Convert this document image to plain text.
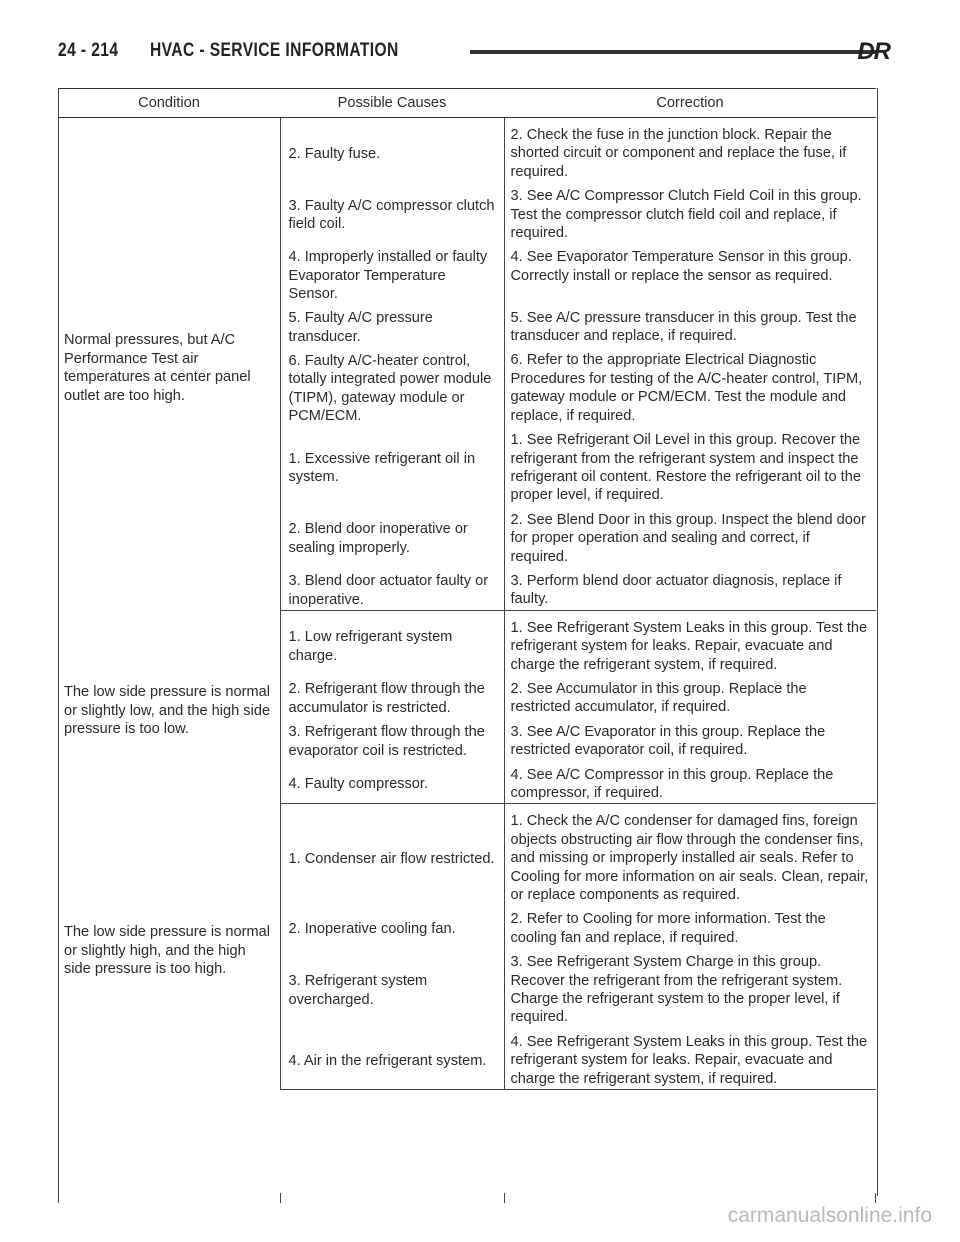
24 - 214 HVAC - SERVICE INFORMATION	DR
Condition	Possible Causes	Correction
Normal pressures, but A/C Performance Test air temperatures at center panel outlet are too high.	2. Faulty fuse.	2. Check the fuse in the junction block. Repair the shorted circuit or component and replace the fuse, if required.
	3. Faulty A/C compressor clutch field coil.	3. See A/C Compressor Clutch Field Coil in this group. Test the compressor clutch field coil and replace, if required.
	4. Improperly installed or faulty Evaporator Temperature Sensor.	4. See Evaporator Temperature Sensor in this group. Correctly install or replace the sensor as required.
	5. Faulty A/C pressure transducer.	5. See A/C pressure transducer in this group. Test the transducer and replace, if required.
	6. Faulty A/C-heater control, totally integrated power module (TIPM), gateway module or PCM/ECM.	6. Refer to the appropriate Electrical Diagnostic Procedures for testing of the A/C-heater control, TIPM, gateway module or PCM/ECM. Test the module and replace, if required.
	1. Excessive refrigerant oil in system.	1. See Refrigerant Oil Level in this group. Recover the refrigerant from the refrigerant system and inspect the refrigerant oil content. Restore the refrigerant oil to the proper level, if required.
	2. Blend door inoperative or sealing improperly.	2. See Blend Door in this group. Inspect the blend door for proper operation and sealing and correct, if required.
	3. Blend door actuator faulty or inoperative.	3. Perform blend door actuator diagnosis, replace if faulty.
The low side pressure is normal or slightly low, and the high side pressure is too low.	1. Low refrigerant system charge.	1. See Refrigerant System Leaks in this group. Test the refrigerant system for leaks. Repair, evacuate and charge the refrigerant system, if required.
	2. Refrigerant flow through the accumulator is restricted.	2. See Accumulator in this group. Replace the restricted accumulator, if required.
	3. Refrigerant flow through the evaporator coil is restricted.	3. See A/C Evaporator in this group. Replace the restricted evaporator coil, if required.
	4. Faulty compressor.	4. See A/C Compressor in this group. Replace the compressor, if required.
The low side pressure is normal or slightly high, and the high side pressure is too high.	1. Condenser air flow restricted.	1. Check the A/C condenser for damaged fins, foreign objects obstructing air flow through the condenser fins, and missing or improperly installed air seals. Refer to Cooling for more information on air seals. Clean, repair, or replace components as required.
	2. Inoperative cooling fan.	2. Refer to Cooling for more information. Test the cooling fan and replace, if required.
	3. Refrigerant system overcharged.	3. See Refrigerant System Charge in this group. Recover the refrigerant from the refrigerant system. Charge the refrigerant system to the proper level, if required.
	4. Air in the refrigerant system.	4. See Refrigerant System Leaks in this group. Test the refrigerant system for leaks. Repair, evacuate and charge the refrigerant system, if required.
carmanualsonline.info
